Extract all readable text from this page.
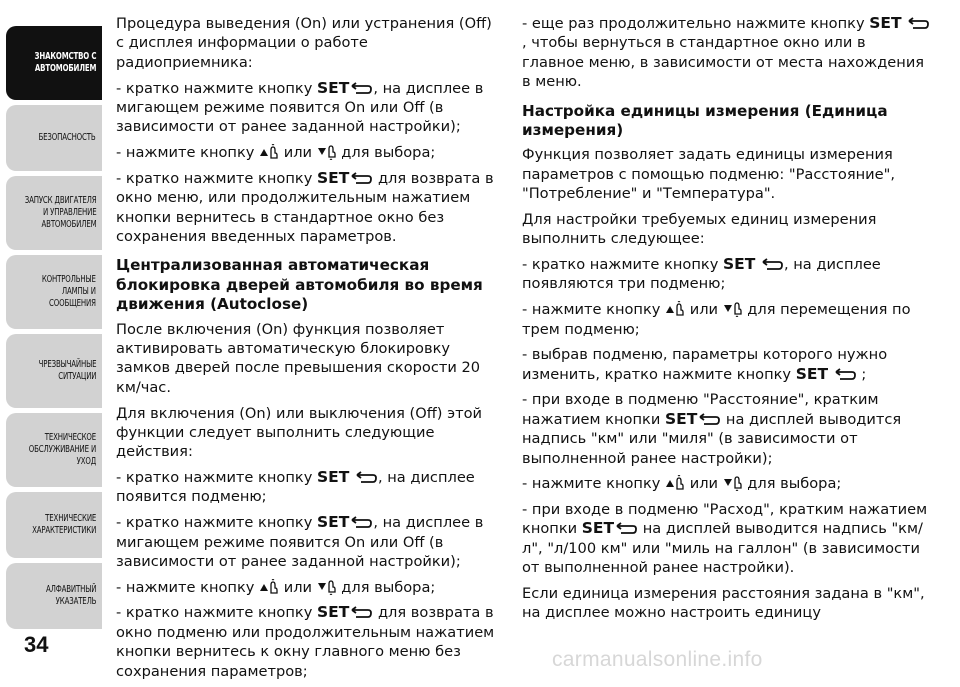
ЗНАКОМСТВО С
АВТОМОБИЛЕМ
БЕЗОПАСНОСТЬ
ЗАПУСК ДВИГАТЕЛЯ
И УПРАВЛЕНИЕ
АВТОМОБИЛЕМ
КОНТРОЛЬНЫЕ
ЛАМПЫ И
СООБЩЕНИЯ
ЧРЕЗВЫЧАЙНЫЕ
СИТУАЦИИ
ТЕХНИЧЕСКОЕ
ОБСЛУЖИВАНИЕ И
УХОД
ТЕХНИЧЕСКИЕ
ХАРАКТЕРИСТИКИ
АЛФАВИТНЫЙ
УКАЗАТЕЛЬ
34

Процедура выведения (On) или устранения (Off) с дисплея информации о работе радиоприемника:

- кратко нажмите кнопку SET , на дисплее в мигающем режиме появится On или Off (в зависимости от ранее заданной настройки);

- нажмите кнопку  или для выбора;

- кратко нажмите кнопку SET для возврата в окно меню, или продолжительным нажатием кнопки вернитесь в стандартное окно без сохранения введенных параметров.

Централизованная автоматическая блокировка дверей автомобиля во время движения (Autoclose)

После включения (On) функция позволяет активировать автоматическую блокировку замков дверей после превышения скорости 20 км/час.

Для включения (On) или выключения (Off) этой функции следует выполнить следующие действия:

- кратко нажмите кнопку SET , на дисплее появится подменю;

- кратко нажмите кнопку SET , на дисплее в мигающем режиме появится On или Off (в зависимости от ранее заданной настройки);

- нажмите кнопку  или для выбора;

- кратко нажмите кнопку SET для возврата в окно подменю или продолжительным нажатием кнопки вернитесь к окну главного меню без сохранения параметров;

- еще раз продолжительно нажмите кнопку SET , чтобы вернуться в стандартное окно или в главное меню, в зависимости от места нахождения в меню.

Настройка единицы измерения (Единица измерения)

Функция позволяет задать единицы измерения параметров с помощью подменю: "Расстояние", "Потребление" и "Температура".

Для настройки требуемых единиц измерения выполнить следующее:

- кратко нажмите кнопку SET , на дисплее появляются три подменю;

- нажмите кнопку  или для перемещения по трем подменю;

- выбрав подменю, параметры которого нужно изменить, кратко нажмите кнопку SET ;

- при входе в подменю "Расстояние", кратким нажатием кнопки SET на дисплей выводится надпись "км" или "миля" (в зависимости от выполненной ранее настройки);

- нажмите кнопку  или для выбора;

- при входе в подменю "Расход", кратким нажатием кнопки SET на дисплей выводится надпись "км/л", "л/100 км" или "миль на галлон" (в зависимости от выполненной ранее настройки).

Если единица измерения расстояния задана в "км", на дисплее можно настроить единицу

carmanualsonline.info
